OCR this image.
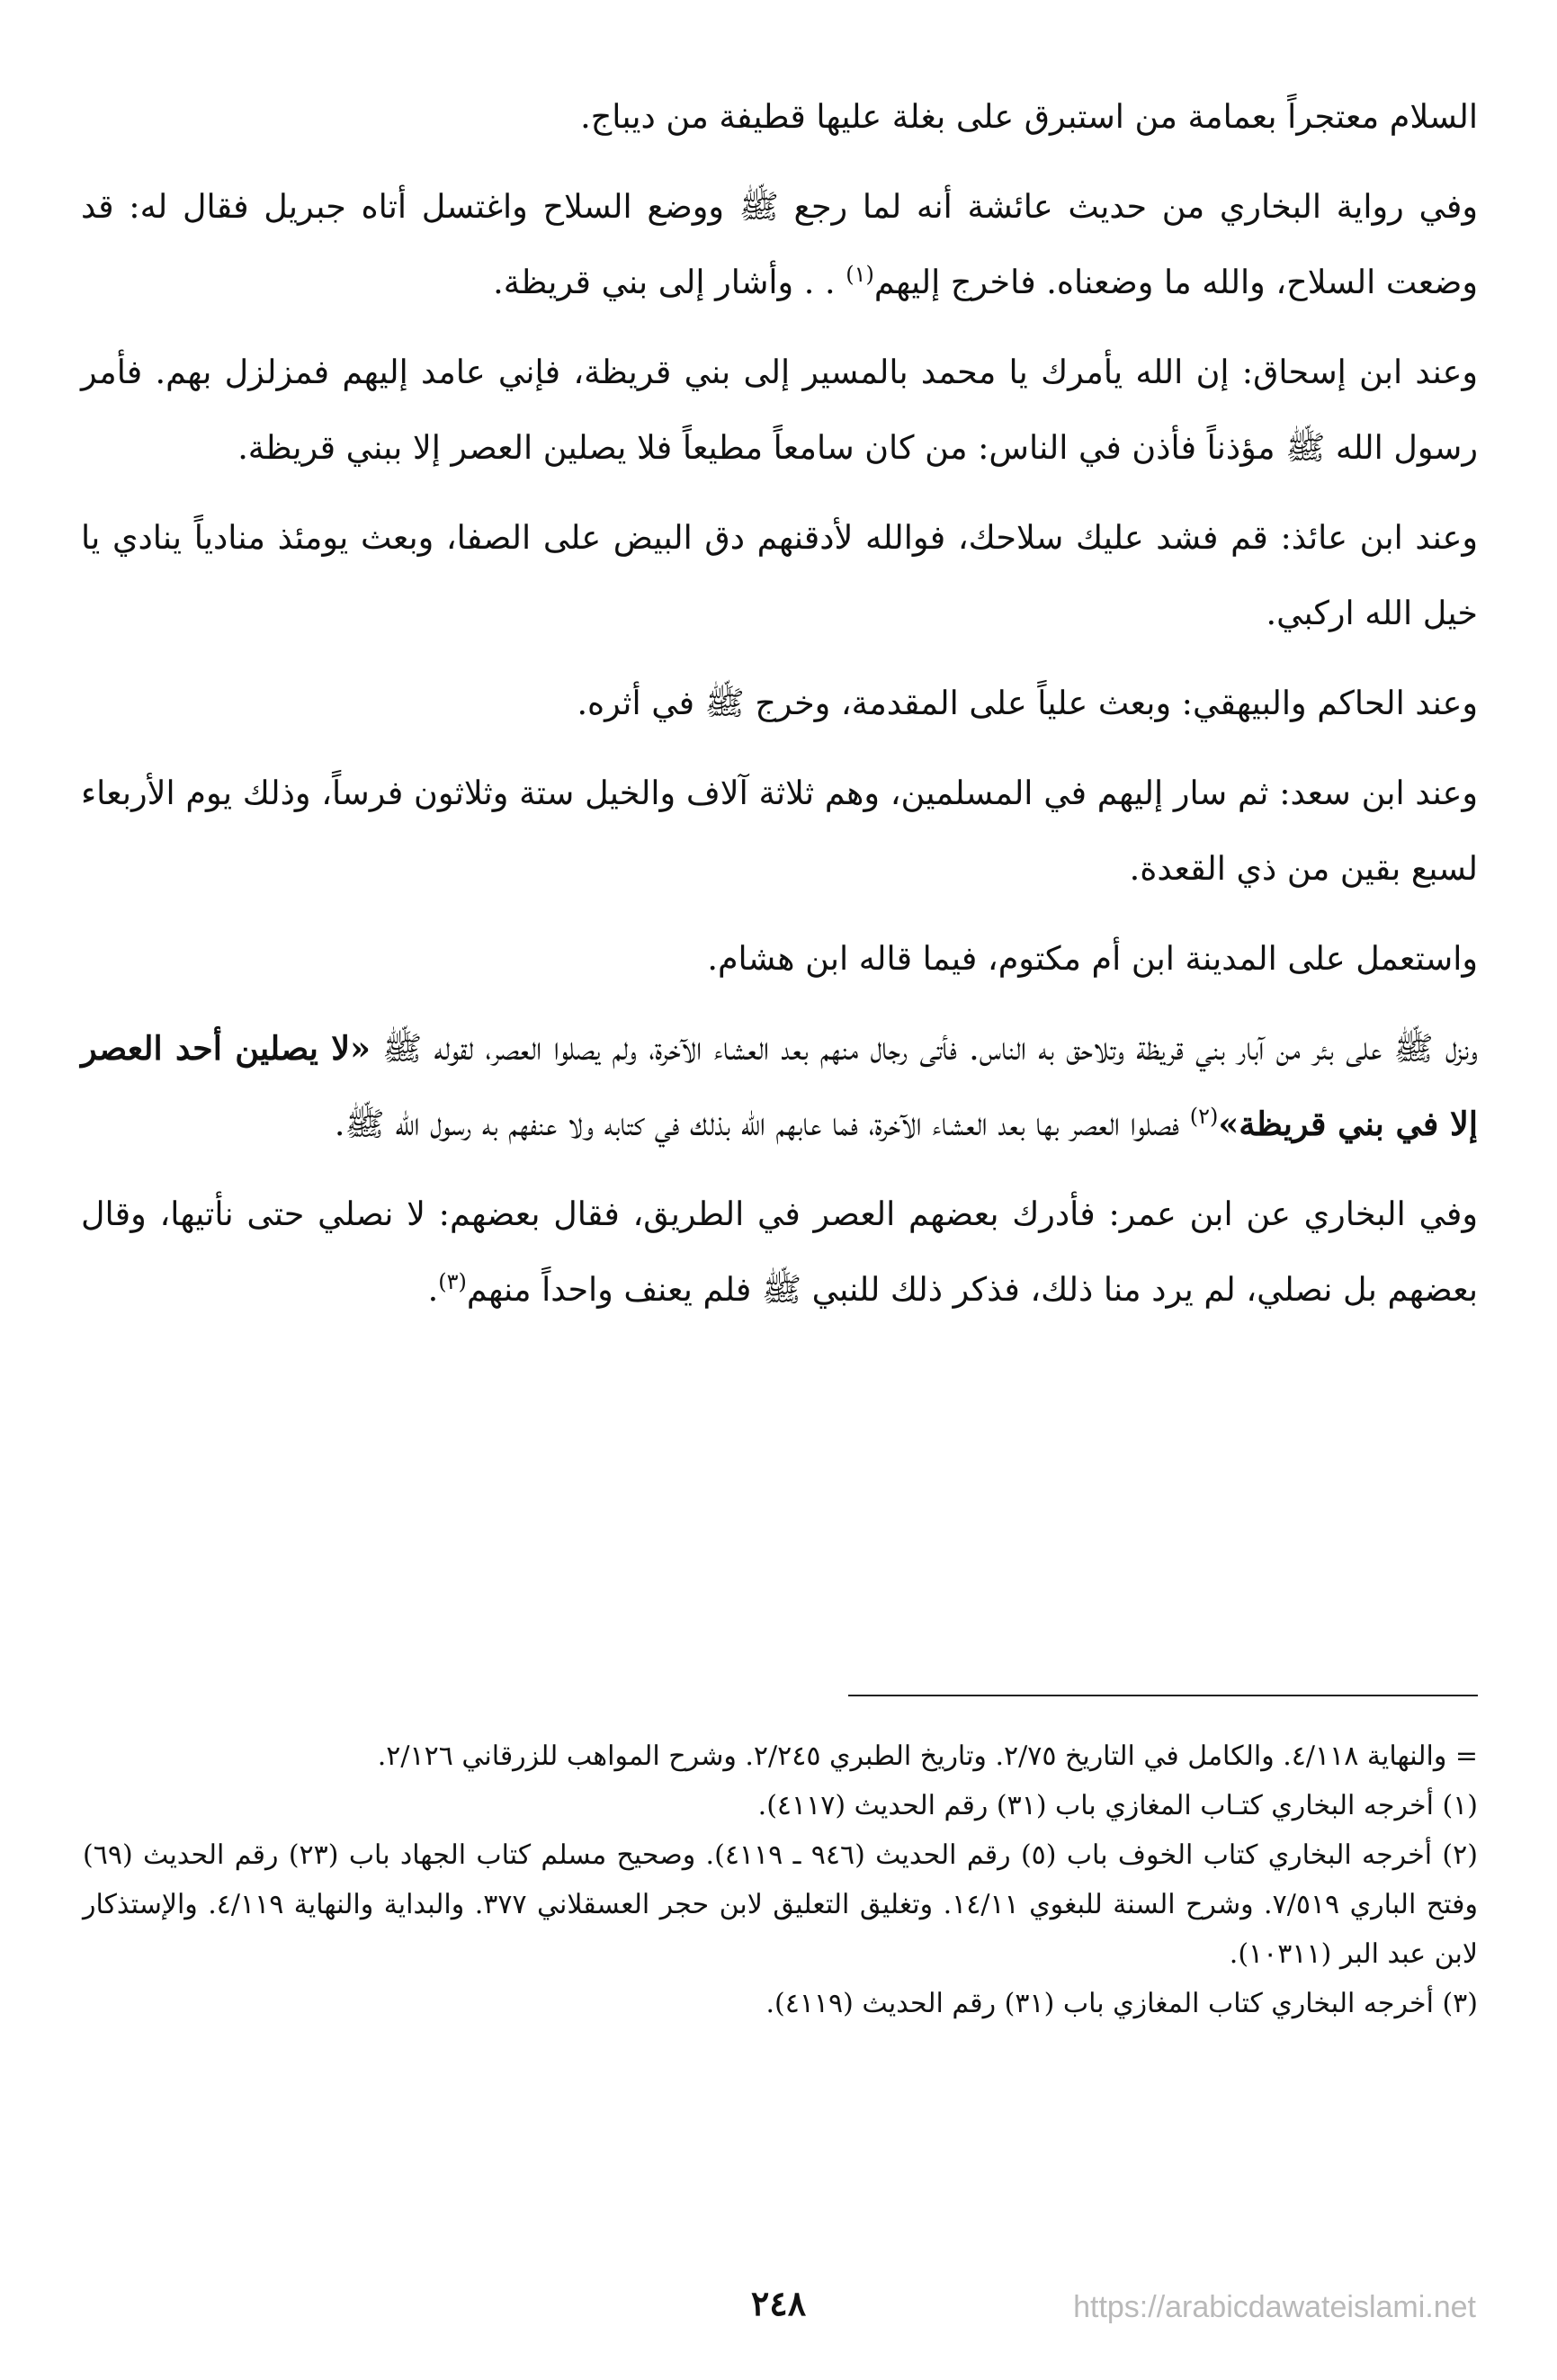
السلام معتجراً بعمامة من استبرق على بغلة عليها قطيفة من ديباج.

وفي رواية البخاري من حديث عائشة أنه لما رجع ﷺ ووضع السلاح واغتسل أتاه جبريل فقال له: قد وضعت السلاح، والله ما وضعناه. فاخرج إليهم$^{(١)}$ . . وأشار إلى بني قريظة.

وعند ابن إسحاق: إن الله يأمرك يا محمد بالمسير إلى بني قريظة، فإني عامد إليهم فمزلزل بهم. فأمر رسول الله ﷺ مؤذناً فأذن في الناس: من كان سامعاً مطيعاً فلا يصلين العصر إلا ببني قريظة.

وعند ابن عائذ: قم فشد عليك سلاحك، فوالله لأدقنهم دق البيض على الصفا، وبعث يومئذ منادياً ينادي يا خيل الله اركبي.

وعند الحاكم والبيهقي: وبعث علياً على المقدمة، وخرج ﷺ في أثره.

وعند ابن سعد: ثم سار إليهم في المسلمين، وهم ثلاثة آلاف والخيل ستة وثلاثون فرساً، وذلك يوم الأربعاء لسبع بقين من ذي القعدة.

واستعمل على المدينة ابن أم مكتوم، فيما قاله ابن هشام.

ونزل ﷺ على بئر من آبار بني قريظة وتلاحق به الناس. فأتى رجال منهم بعد العشاء الآخرة، ولم يصلوا العصر، لقوله ﷺ «لا يصلين أحد العصر إلا في بني قريظة»$^{(٢)}$ فصلوا العصر بها بعد العشاء الآخرة، فما عابهم الله بذلك في كتابه ولا عنفهم به رسول الله ﷺ.

وفي البخاري عن ابن عمر: فأدرك بعضهم العصر في الطريق، فقال بعضهم: لا نصلي حتى نأتيها، وقال بعضهم بل نصلي، لم يرد منا ذلك، فذكر ذلك للنبي ﷺ فلم يعنف واحداً منهم$^{(٣)}$.

= والنهاية ٤/١١٨. والكامل في التاريخ ٢/٧٥. وتاريخ الطبري ٢/٢٤٥. وشرح المواهب للزرقاني ٢/١٢٦.

(١) أخرجه البخاري كتـاب المغازي باب (٣١) رقم الحديث (٤١١٧).

(٢) أخرجه البخاري كتاب الخوف باب (٥) رقم الحديث (٩٤٦ ـ ٤١١٩). وصحيح مسلم كتاب الجهاد باب (٢٣) رقم الحديث (٦٩) وفتح الباري ٧/٥١٩. وشرح السنة للبغوي ١٤/١١. وتغليق التعليق لابن حجر العسقلاني ٣٧٧. والبداية والنهاية ٤/١١٩. والإستذكار لابن عبد البر (١٠٣١١).

(٣) أخرجه البخاري كتاب المغازي باب (٣١) رقم الحديث (٤١١٩).

٢٤٨	https://arabicdawateislami.net
